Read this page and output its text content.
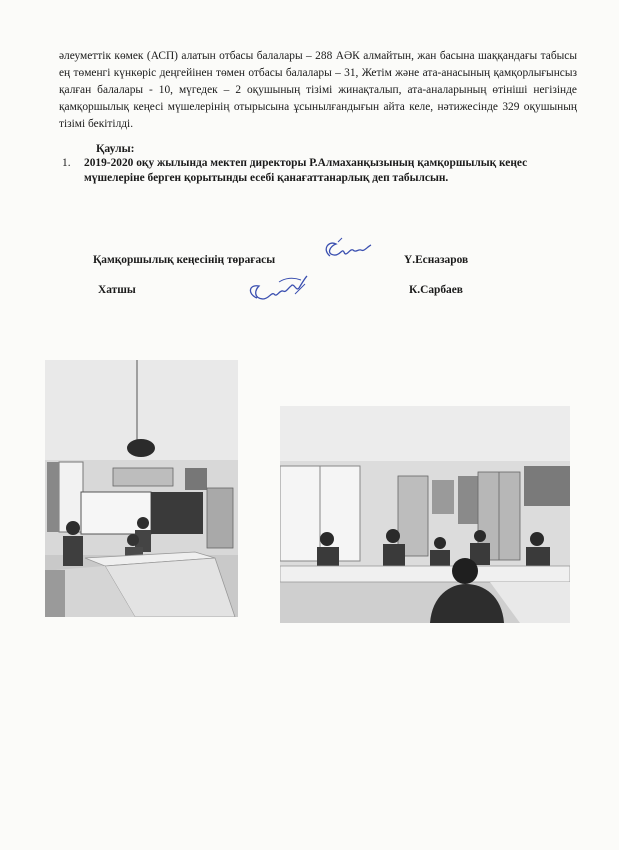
әлеуметтік көмек (АСП) алатын отбасы балалары – 288 АӘК алмайтын, жан басына шаққандағы табысы ең төменгі күнкөріс деңгейінен төмен отбасы балалары – 31, Жетім және ата-анасының қамқорлығынсыз қалған балалары - 10, мүгедек – 2 оқушының тізімі жинақталып, ата-аналарының өтініші негізінде қамқоршылық кеңесі мүшелерінің отырысына ұсынылғандығын айта келе, нәтижесінде 329 оқушының тізімі бекітілді.

Қаулы:
1. 2019-2020 оқу жылында мектеп директоры Р.Алмаханқызының қамқоршылық кеңес мүшелеріне берген қорытынды есебі қанағаттанарлық деп табылсын.
Қамқоршылық кеңесінің төрағасы	Ү.Есназаров
Хатшы	К.Сарбаев
